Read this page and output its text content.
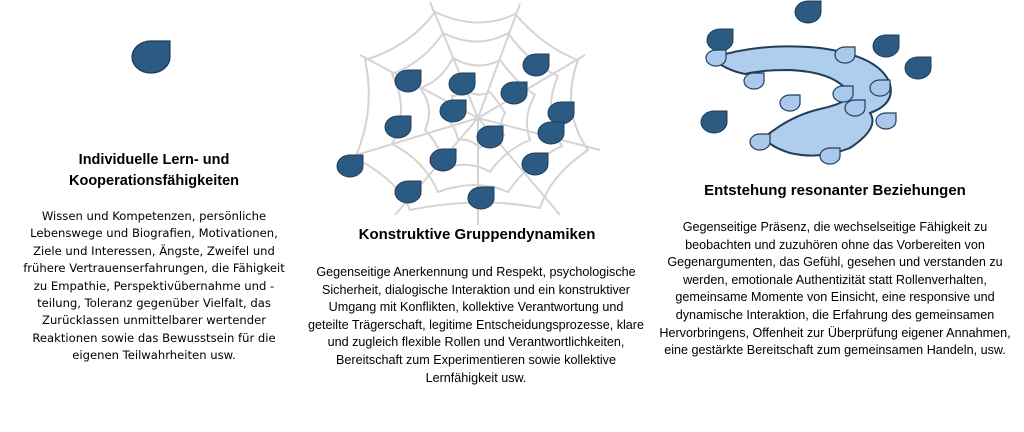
Individuelle Lern- und Kooperationsfähigkeiten
Wissen und Kompetenzen, persönliche Lebenswege und Biografien, Motivationen, Ziele und Interessen, Ängste, Zweifel und frühere Vertrauenserfahrungen, die Fähigkeit zu Empathie, Perspektivübernahme und -teilung, Toleranz gegenüber Vielfalt, das Zurücklassen unmittelbarer wertender Reaktionen sowie das Bewusstsein für die eigenen Teilwahrheiten usw.
Konstruktive Gruppendynamiken
Gegenseitige Anerkennung und Respekt, psychologische Sicherheit, dialogische Interaktion und ein konstruktiver Umgang mit Konflikten, kollektive Verantwortung und geteilte Trägerschaft, legitime Entscheidungsprozesse, klare und zugleich flexible Rollen und Verantwortlichkeiten, Bereitschaft zum Experimentieren sowie kollektive Lernfähigkeit usw.
Entstehung resonanter Beziehungen
Gegenseitige Präsenz, die wechselseitige Fähigkeit zu beobachten und zuzuhören ohne das Vorbereiten von Gegenargumenten, das Gefühl, gesehen und verstanden zu werden, emotionale Authentizität statt Rollenverhalten, gemeinsame Momente von Einsicht, eine responsive und dynamische Interaktion, die Erfahrung des gemeinsamen Hervorbringens, Offenheit zur Überprüfung eigener Annahmen, eine gestärkte Bereitschaft zum gemeinsamen Handeln, usw.
